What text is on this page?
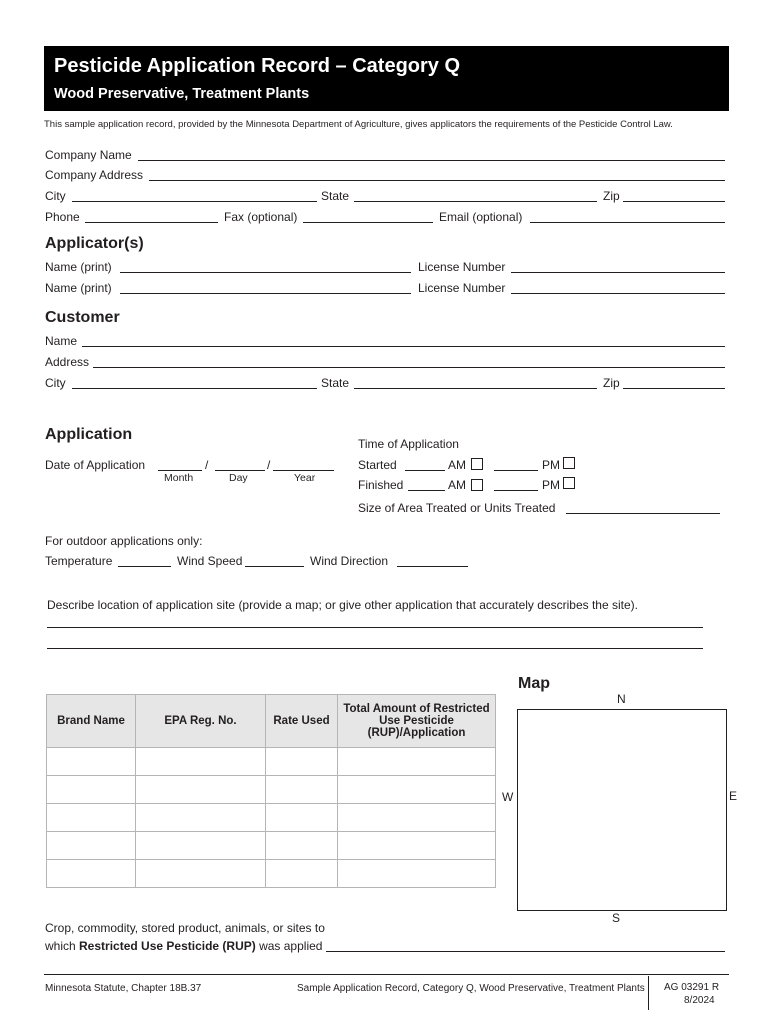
Pesticide Application Record – Category Q
Wood Preservative, Treatment Plants
This sample application record, provided by the Minnesota Department of Agriculture, gives applicators the requirements of the Pesticide Control Law.
Company Name
Company Address
City	State	Zip
Phone	Fax (optional)	Email (optional)
Applicator(s)
Name (print)	License Number
Name (print)	License Number
Customer
Name
Address
City	State	Zip
Application
Date of Application	/	/
Month	Day	Year
Time of Application
Started	AM	PM
Finished	AM	PM
Size of Area Treated or Units Treated
For outdoor applications only:
Temperature	Wind Speed	Wind Direction
Describe location of application site (provide a map; or give other application that accurately describes the site).
Brand Name	EPA Reg. No.	Rate Used	Total Amount of Restricted Use Pesticide (RUP)/Application

Map
N
W	E
S
Crop, commodity, stored product, animals, or sites to
which Restricted Use Pesticide (RUP) was applied
Minnesota Statute, Chapter 18B.37	Sample Application Record, Category Q, Wood Preservative, Treatment Plants AG 03291 R
8/2024
